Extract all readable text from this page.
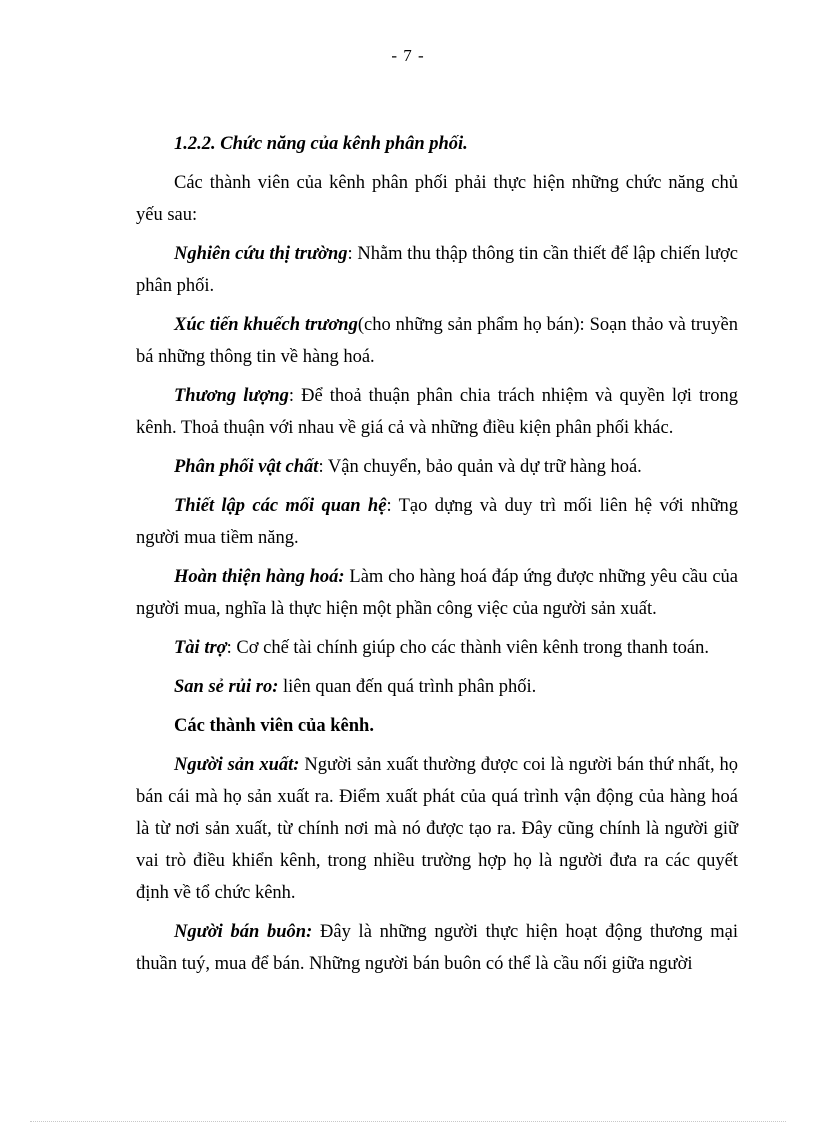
- 7 -

1.2.2. Chức năng của kênh phân phối.

Các thành viên của kênh phân phối phải thực hiện những chức năng chủ yếu sau:

Nghiên cứu thị trường: Nhằm thu thập thông tin cần thiết để lập chiến lược phân phối.

Xúc tiến khuếch trương(cho những sản phẩm họ bán): Soạn thảo và truyền bá những thông tin về hàng hoá.

Thương lượng: Để thoả thuận phân chia trách nhiệm và quyền lợi trong kênh. Thoả thuận với nhau về giá cả và những điều kiện phân phối khác.

Phân phối vật chất: Vận chuyển, bảo quản và dự trữ hàng hoá.

Thiết lập các mối quan hệ: Tạo dựng và duy trì mối liên hệ với những người mua tiềm năng.

Hoàn thiện hàng hoá: Làm cho hàng hoá đáp ứng được những yêu cầu của người mua, nghĩa là thực hiện một phần công việc của người sản xuất.

Tài trợ: Cơ chế tài chính giúp cho các thành viên kênh trong thanh toán.

San sẻ rủi ro: liên quan đến quá trình phân phối.

Các thành viên của kênh.

Người sản xuất: Người sản xuất thường được coi là người bán thứ nhất, họ bán cái mà họ sản xuất ra. Điểm xuất phát của quá trình vận động của hàng hoá là từ nơi sản xuất, từ chính nơi mà nó được tạo ra. Đây cũng chính là người giữ vai trò điều khiển kênh, trong nhiều trường hợp họ là người đưa ra các quyết định về tổ chức kênh.

Người bán buôn: Đây là những người thực hiện hoạt động thương mại thuần tuý, mua để bán. Những người bán buôn có thể là cầu nối giữa người
